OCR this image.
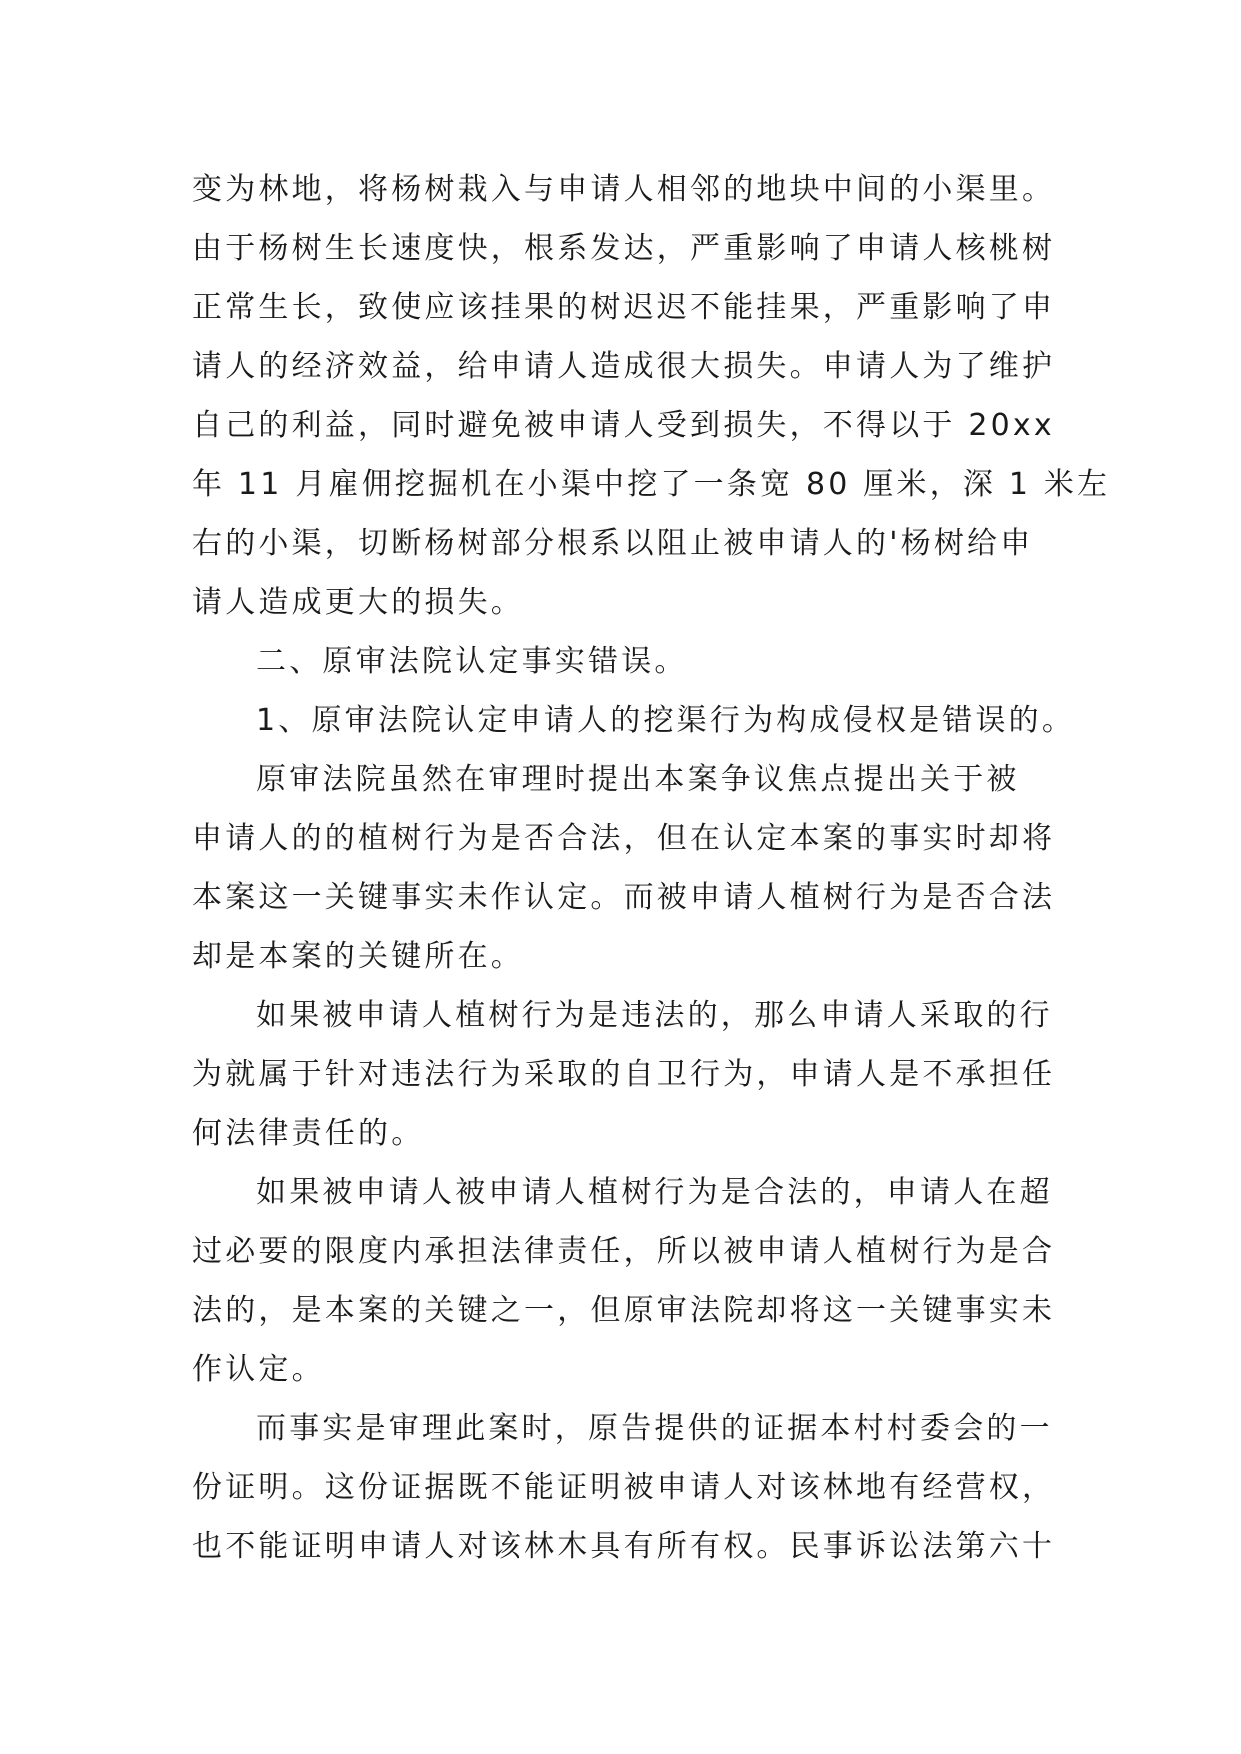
变为林地，将杨树栽入与申请人相邻的地块中间的小渠里。
由于杨树生长速度快，根系发达，严重影响了申请人核桃树
正常生长，致使应该挂果的树迟迟不能挂果，严重影响了申
请人的经济效益，给申请人造成很大损失。申请人为了维护
自己的利益，同时避免被申请人受到损失，不得以于 20xx
年 11 月雇佣挖掘机在小渠中挖了一条宽 80 厘米，深 1 米左
右的小渠，切断杨树部分根系以阻止被申请人的'杨树给申
请人造成更大的损失。
二、原审法院认定事实错误。
1、原审法院认定申请人的挖渠行为构成侵权是错误的。
原审法院虽然在审理时提出本案争议焦点提出关于被
申请人的的植树行为是否合法，但在认定本案的事实时却将
本案这一关键事实未作认定。而被申请人植树行为是否合法
却是本案的关键所在。
如果被申请人植树行为是违法的，那么申请人采取的行
为就属于针对违法行为采取的自卫行为，申请人是不承担任
何法律责任的。
如果被申请人被申请人植树行为是合法的，申请人在超
过必要的限度内承担法律责任，所以被申请人植树行为是合
法的，是本案的关键之一，但原审法院却将这一关键事实未
作认定。
而事实是审理此案时，原告提供的证据本村村委会的一
份证明。这份证据既不能证明被申请人对该林地有经营权，
也不能证明申请人对该林木具有所有权。民事诉讼法第六十
